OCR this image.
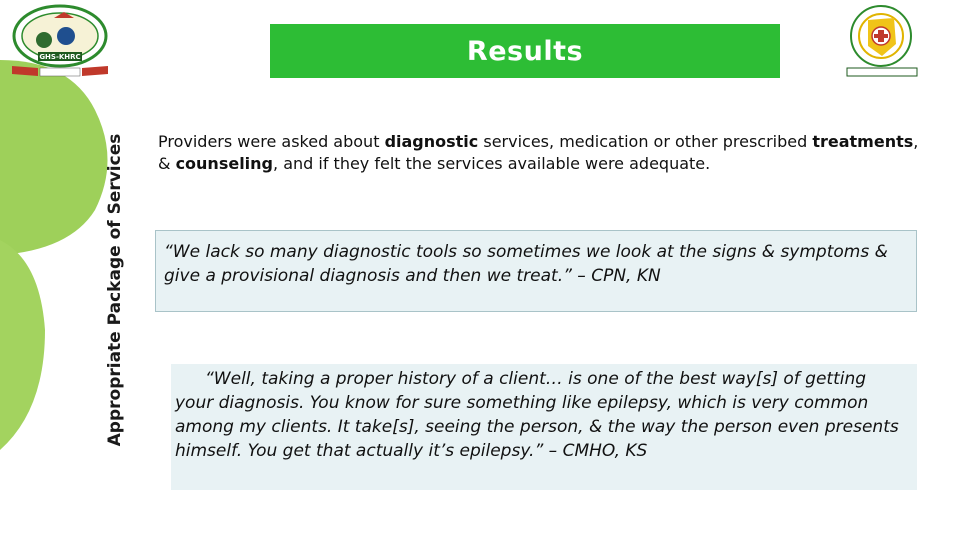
GHS-KHRC	Results
Appropriate Package of Services Providers were asked about diagnostic services, medication or other prescribed treatments, & counseling, and if they felt the services available were adequate.
“We lack so many diagnostic tools so sometimes we look at the signs & symptoms & give a provisional diagnosis and then we treat.” – CPN, KN
“Well, taking a proper history of a client… is one of the best way[s] of getting your diagnosis. You know for sure something like epilepsy, which is very common among my clients. It take[s], seeing the person, & the way the person even presents himself. You get that actually it’s epilepsy.” – CMHO, KS
